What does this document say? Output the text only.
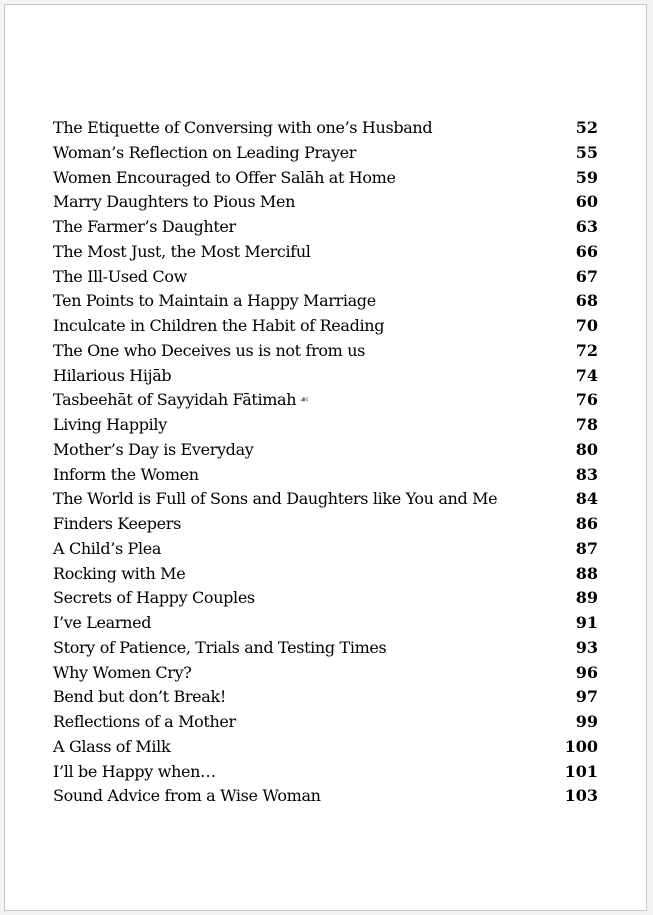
The Etiquette of Conversing with one’s Husband	52
Woman’s Reflection on Leading Prayer	55
Women Encouraged to Offer Salāh at Home	59
Marry Daughters to Pious Men	60
The Farmer’s Daughter	63
The Most Just, the Most Merciful	66
The Ill-Used Cow	67
Ten Points to Maintain a Happy Marriage	68
Inculcate in Children the Habit of Reading	70
The One who Deceives us is not from us	72
Hilarious Hijāb	74
Tasbeehāt of Sayyidah Fātimah ☙	76
Living Happily	78
Mother’s Day is Everyday	80
Inform the Women	83
The World is Full of Sons and Daughters like You and Me	84
Finders Keepers	86
A Child’s Plea	87
Rocking with Me	88
Secrets of Happy Couples	89
I’ve Learned	91
Story of Patience, Trials and Testing Times	93
Why Women Cry?	96
Bend but don’t Break!	97
Reflections of a Mother	99
A Glass of Milk	100
I’ll be Happy when…	101
Sound Advice from a Wise Woman	103
